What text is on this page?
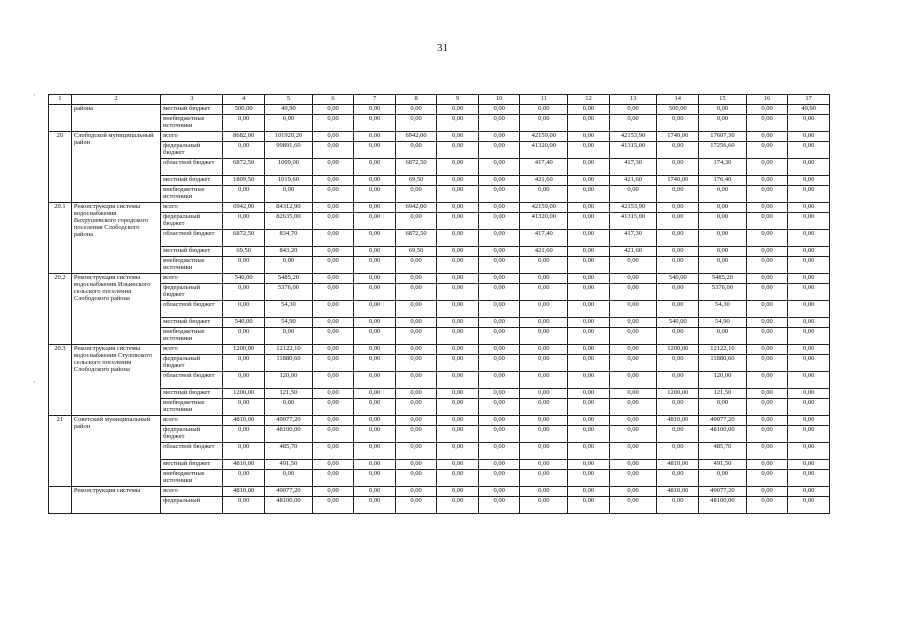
31
'
'
1	2	3	4	5	6	7	8	9	10	11	12	13	14	15	16	17
	района	местный бюджет	500,00	49,90	0,00	0,00	0,00	0,00	0,00	0,00	0,00	0,00	500,00	0,00	0,00	49,90
		внебюджетные источники	0,00	0,00	0,00	0,00	0,00	0,00	0,00	0,00	0,00	0,00	0,00	0,00	0,00	0,00
20	Слободской муниципальный район	всего	8682,00	101920,20	0,00	0,00	6942,00	0,00	0,00	42159,00	0,00	42153,90	1740,00	17607,30	0,00	0,00
		федеральный бюджет	0,00	99891,60	0,00	0,00	0,00	0,00	0,00	41320,00	0,00	41315,00	0,00	17256,60	0,00	0,00
		областной бюджет	6872,50	1009,00	0,00	0,00	6872,50	0,00	0,00	417,40	0,00	417,30	0,00	174,30	0,00	0,00
		местный бюджет	1809,50	1019,60	0,00	0,00	69,50	0,00	0,00	421,60	0,00	421,60	1740,00	176,40	0,00	0,00
		внебюджетные источники	0,00	0,00	0,00	0,00	0,00	0,00	0,00	0,00	0,00	0,00	0,00	0,00	0,00	0,00
20.1	Реконструкция системы водоснабжения Вахрушевского городского поселения Слободского района	всего	6942,00	84312,90	0,00	0,00	6942,00	0,00	0,00	42159,00	0,00	42153,90	0,00	0,00	0,00	0,00
		федеральный бюджет	0,00	82635,00	0,00	0,00	0,00	0,00	0,00	41320,00	0,00	41315,00	0,00	0,00	0,00	0,00
		областной бюджет	6872,50	834,70	0,00	0,00	6872,50	0,00	0,00	417,40	0,00	417,30	0,00	0,00	0,00	0,00
		местный бюджет	69,50	843,20	0,00	0,00	69,50	0,00	0,00	421,60	0,00	421,60	0,00	0,00	0,00	0,00
		внебюджетные источники	0,00	0,00	0,00	0,00	0,00	0,00	0,00	0,00	0,00	0,00	0,00	0,00	0,00	0,00
20.2	Реконструкция системы водоснабжения Ильинского сельского поселения Слободского района	всего	540,00	5485,20	0,00	0,00	0,00	0,00	0,00	0,00	0,00	0,00	540,00	5485,20	0,00	0,00
		федеральный бюджет	0,00	5376,00	0,00	0,00	0,00	0,00	0,00	0,00	0,00	0,00	0,00	5376,00	0,00	0,00
		областной бюджет	0,00	54,30	0,00	0,00	0,00	0,00	0,00	0,00	0,00	0,00	0,00	54,30	0,00	0,00
		местный бюджет	540,00	54,90	0,00	0,00	0,00	0,00	0,00	0,00	0,00	0,00	540,00	54,90	0,00	0,00
		внебюджетные источники	0,00	0,00	0,00	0,00	0,00	0,00	0,00	0,00	0,00	0,00	0,00	0,00	0,00	0,00
20.3	Реконструкция системы водоснабжения Стуловского сельского поселения Слободского района	всего	1200,00	12122,10	0,00	0,00	0,00	0,00	0,00	0,00	0,00	0,00	1200,00	12122,10	0,00	0,00
		федеральный бюджет	0,00	11880,60	0,00	0,00	0,00	0,00	0,00	0,00	0,00	0,00	0,00	11880,60	0,00	0,00
		областной бюджет	0,00	120,00	0,00	0,00	0,00	0,00	0,00	0,00	0,00	0,00	0,00	120,00	0,00	0,00
		местный бюджет	1200,00	121,50	0,00	0,00	0,00	0,00	0,00	0,00	0,00	0,00	1200,00	121,50	0,00	0,00
		внебюджетные источники	0,00	0,00	0,00	0,00	0,00	0,00	0,00	0,00	0,00	0,00	0,00	0,00	0,00	0,00
21	Советский муниципальный район	всего	4810,00	49077,20	0,00	0,00	0,00	0,00	0,00	0,00	0,00	0,00	4810,00	49077,20	0,00	0,00
		федеральный бюджет	0,00	48100,00	0,00	0,00	0,00	0,00	0,00	0,00	0,00	0,00	0,00	48100,00	0,00	0,00
		областной бюджет	0,00	485,70	0,00	0,00	0,00	0,00	0,00	0,00	0,00	0,00	0,00	485,70	0,00	0,00
		местный бюджет	4810,00	491,50	0,00	0,00	0,00	0,00	0,00	0,00	0,00	0,00	4810,00	491,50	0,00	0,00
		внебюджетные источники	0,00	0,00	0,00	0,00	0,00	0,00	0,00	0,00	0,00	0,00	0,00	0,00	0,00	0,00
	Реконструкция системы	всего	4810,00	49077,20	0,00	0,00	0,00	0,00	0,00	0,00	0,00	0,00	4810,00	49077,20	0,00	0,00
		федеральный	0,00	48100,00	0,00	0,00	0,00	0,00	0,00	0,00	0,00	0,00	0,00	48100,00	0,00	0,00
